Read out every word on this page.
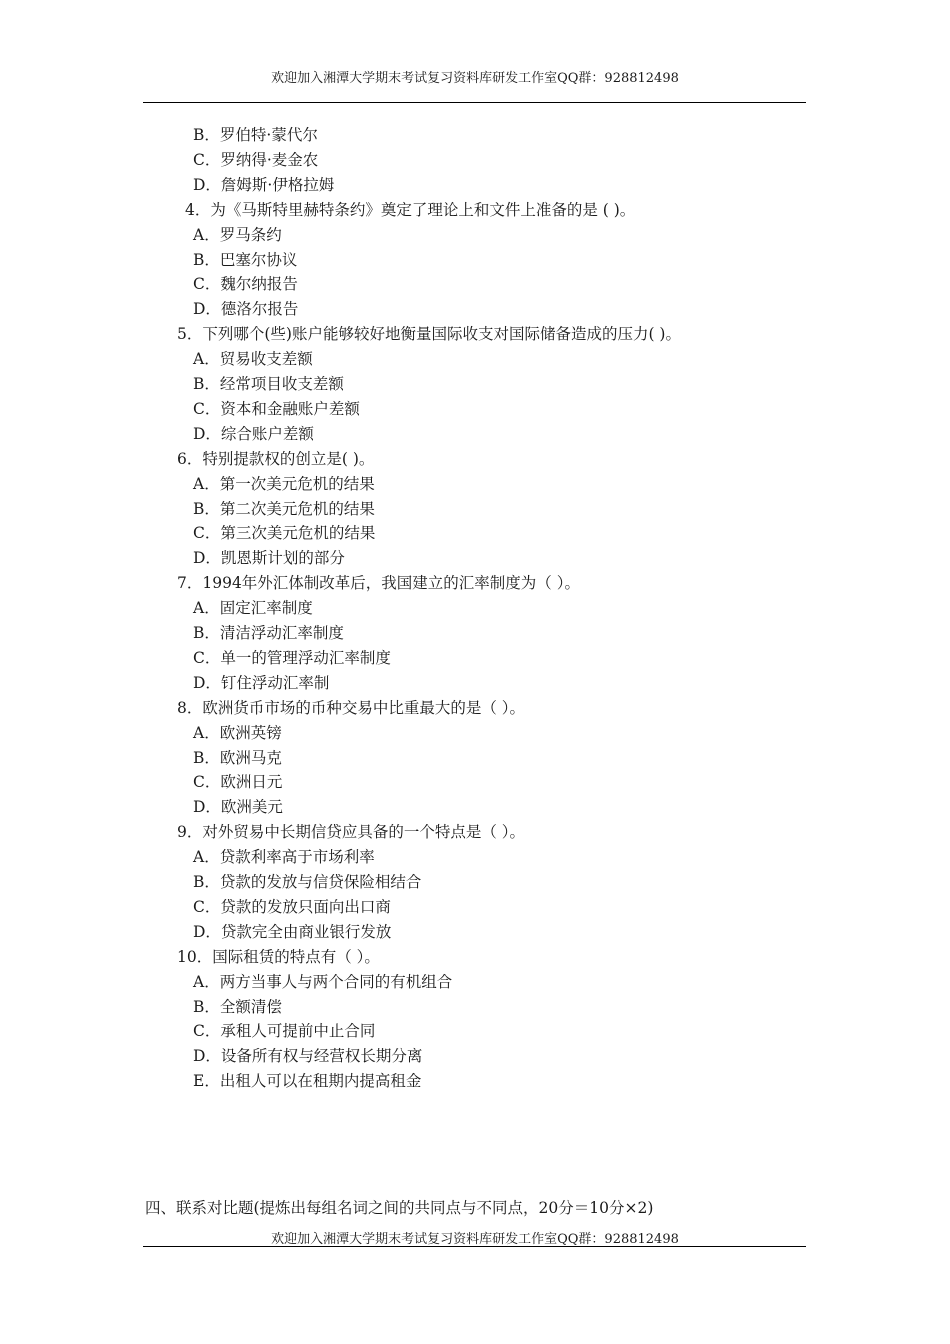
欢迎加入湘潭大学期末考试复习资料库研发工作室QQ群：928812498
B．罗伯特·蒙代尔
C．罗纳得·麦金农
D．詹姆斯·伊格拉姆
4．为《马斯特里赫特条约》奠定了理论上和文件上准备的是 ( )。
A．罗马条约
B．巴塞尔协议
C．魏尔纳报告
D．德洛尔报告
5．下列哪个(些)账户能够较好地衡量国际收支对国际储备造成的压力( )。
A．贸易收支差额
B．经常项目收支差额
C．资本和金融账户差额
D．综合账户差额
6．特别提款权的创立是( )。
A．第一次美元危机的结果
B．第二次美元危机的结果
C．第三次美元危机的结果
D．凯恩斯计划的部分
7．1994年外汇体制改革后，我国建立的汇率制度为（ ）。
A．固定汇率制度
B．清洁浮动汇率制度
C．单一的管理浮动汇率制度
D．钉住浮动汇率制
8．欧洲货币市场的币种交易中比重最大的是（ ）。
A．欧洲英镑
B．欧洲马克
C．欧洲日元
D．欧洲美元
9．对外贸易中长期信贷应具备的一个特点是（ ）。
A．贷款利率高于市场利率
B．贷款的发放与信贷保险相结合
C．贷款的发放只面向出口商
D．贷款完全由商业银行发放
10．国际租赁的特点有（ ）。
A．两方当事人与两个合同的有机组合
B．全额清偿
C．承租人可提前中止合同
D．设备所有权与经营权长期分离
E．出租人可以在租期内提高租金
四、联系对比题(提炼出每组名词之间的共同点与不同点，20分＝10分×2)
欢迎加入湘潭大学期末考试复习资料库研发工作室QQ群：928812498
